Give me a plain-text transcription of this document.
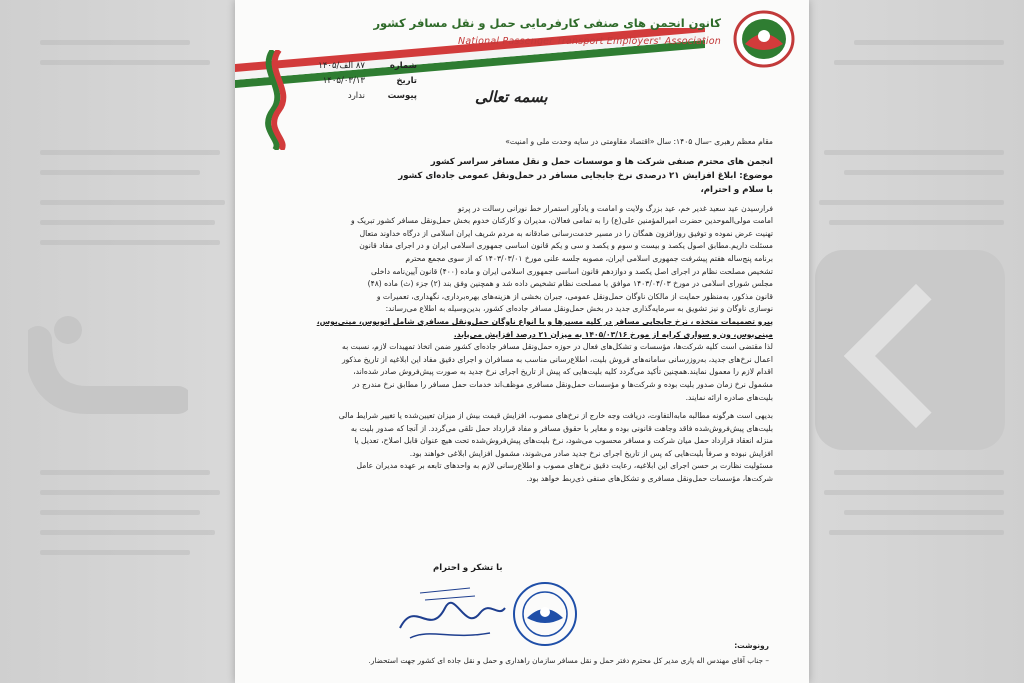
کانون انجمن های صنفی کارفرمایی حمل و نقل مسافر کشور
National Passenger Transport Employers' Association
شماره
۸۷ الف/۱۴۰۵
تاریخ
۱۴۰۵/۰۳/۱۳
پیوست
ندارد	بسمه تعالی
مقام معظم رهبری -سال ۱۴۰۵: سال «اقتصاد مقاومتی در سایه وحدت ملی و امنیت»
انجمن های محترم صنفی شرکت ها و موسسات حمل و نقل مسافر سراسر کشور
موضوع: ابلاغ افزایش ۲۱ درصدی نرخ جابجایی مسافر در حمل‌ونقل عمومی جاده‌ای کشور
با سلام و احترام،
فرارسیدن عید سعید غدیر خم، عید بزرگ ولایت و امامت و یادآور استمرار خط نورانی رسالت در پرتو
امامت مولی‌الموحدین حضرت امیرالمؤمنین علی(ع) را به تمامی فعالان، مدیران و کارکنان خدوم بخش حمل‌ونقل مسافر کشور تبریک و
تهنیت عرض نموده و توفیق روزافزون همگان را در مسیر خدمت‌رسانی صادقانه به مردم شریف ایران اسلامی از درگاه خداوند متعال
مسئلت داریم.مطابق اصول یکصد و بیست و سوم و یکصد و سی و یکم قانون اساسی جمهوری اسلامی ایران و در اجرای مفاد قانون
برنامه پنج‌ساله هفتم پیشرفت جمهوری اسلامی ایران، مصوبه جلسه علنی مورخ ۱۴۰۳/۰۳/۰۱ که از سوی مجمع محترم
تشخیص مصلحت نظام در اجرای اصل یکصد و دوازدهم قانون اساسی جمهوری اسلامی ایران و ماده (۴۰۰) قانون آیین‌نامه داخلی
مجلس شورای اسلامی در مورخ ۱۴۰۳/۰۴/۰۳ موافق با مصلحت نظام تشخیص داده شد و همچنین وفق بند (۲) جزء (ث) ماده (۴۸)
قانون مذکور، به‌منظور حمایت از مالکان ناوگان حمل‌ونقل عمومی، جبران بخشی از هزینه‌های بهره‌برداری، نگهداری، تعمیرات و
نوسازی ناوگان و نیز تشویق به سرمایه‌گذاری جدید در بخش حمل‌ونقل مسافر جاده‌ای کشور، بدین‌وسیله به اطلاع می‌رساند:
پیرو تصمیمات متخذه ، نرخ جابجایی مسافر در کلیه مسیرها و با انواع ناوگان حمل‌ونقل مسافری شامل اتوبوس، مینی‌بوس،
مینی‌بوس، ون و سواری کرایه از مورخ ۱۴۰۵/۰۳/۱۶ به میزان ۲۱ درصد افزایش می‌یابد.
لذا مقتضی است کلیه شرکت‌ها، مؤسسات و تشکل‌های فعال در حوزه حمل‌ونقل مسافر جاده‌ای کشور ضمن اتخاذ تمهیدات لازم، نسبت به
اعمال نرخ‌های جدید، به‌روزرسانی سامانه‌های فروش بلیت، اطلاع‌رسانی مناسب به مسافران و اجرای دقیق مفاد این ابلاغیه از تاریخ مذکور
اقدام لازم را معمول نمایند.همچنین تأکید می‌گردد کلیه بلیت‌هایی که پیش از تاریخ اجرای نرخ جدید به صورت پیش‌فروش صادر شده‌اند،
مشمول نرخ زمان صدور بلیت بوده و شرکت‌ها و مؤسسات حمل‌ونقل مسافری موظف‌اند خدمات حمل مسافر را مطابق نرخ مندرج در
بلیت‌های صادره ارائه نمایند.
بدیهی است هرگونه مطالبه مابه‌التفاوت، دریافت وجه خارج از نرخ‌های مصوب، افزایش قیمت بیش از میزان تعیین‌شده یا تغییر شرایط مالی
بلیت‌های پیش‌فروش‌شده فاقد وجاهت قانونی بوده و مغایر با حقوق مسافر و مفاد قرارداد حمل تلقی می‌گردد. از آنجا که صدور بلیت به
منزله انعقاد قرارداد حمل میان شرکت و مسافر محسوب می‌شود، نرخ بلیت‌های پیش‌فروش‌شده تحت هیچ عنوان قابل اصلاح، تعدیل یا
افزایش نبوده و صرفاً بلیت‌هایی که پس از تاریخ اجرای نرخ جدید صادر می‌شوند، مشمول افزایش ابلاغی خواهند بود.
مسئولیت نظارت بر حسن اجرای این ابلاغیه، رعایت دقیق نرخ‌های مصوب و اطلاع‌رسانی لازم به واحدهای تابعه بر عهده مدیران عامل
شرکت‌ها، مؤسسات حمل‌ونقل مسافری و تشکل‌های صنفی ذی‌ربط خواهد بود.
با تشکر و احترام
رونوشت:
– جناب آقای مهندس اله یاری مدیر کل محترم دفتر حمل و نقل مسافر سازمان راهداری و حمل و نقل جاده ای کشور جهت استحضار.
